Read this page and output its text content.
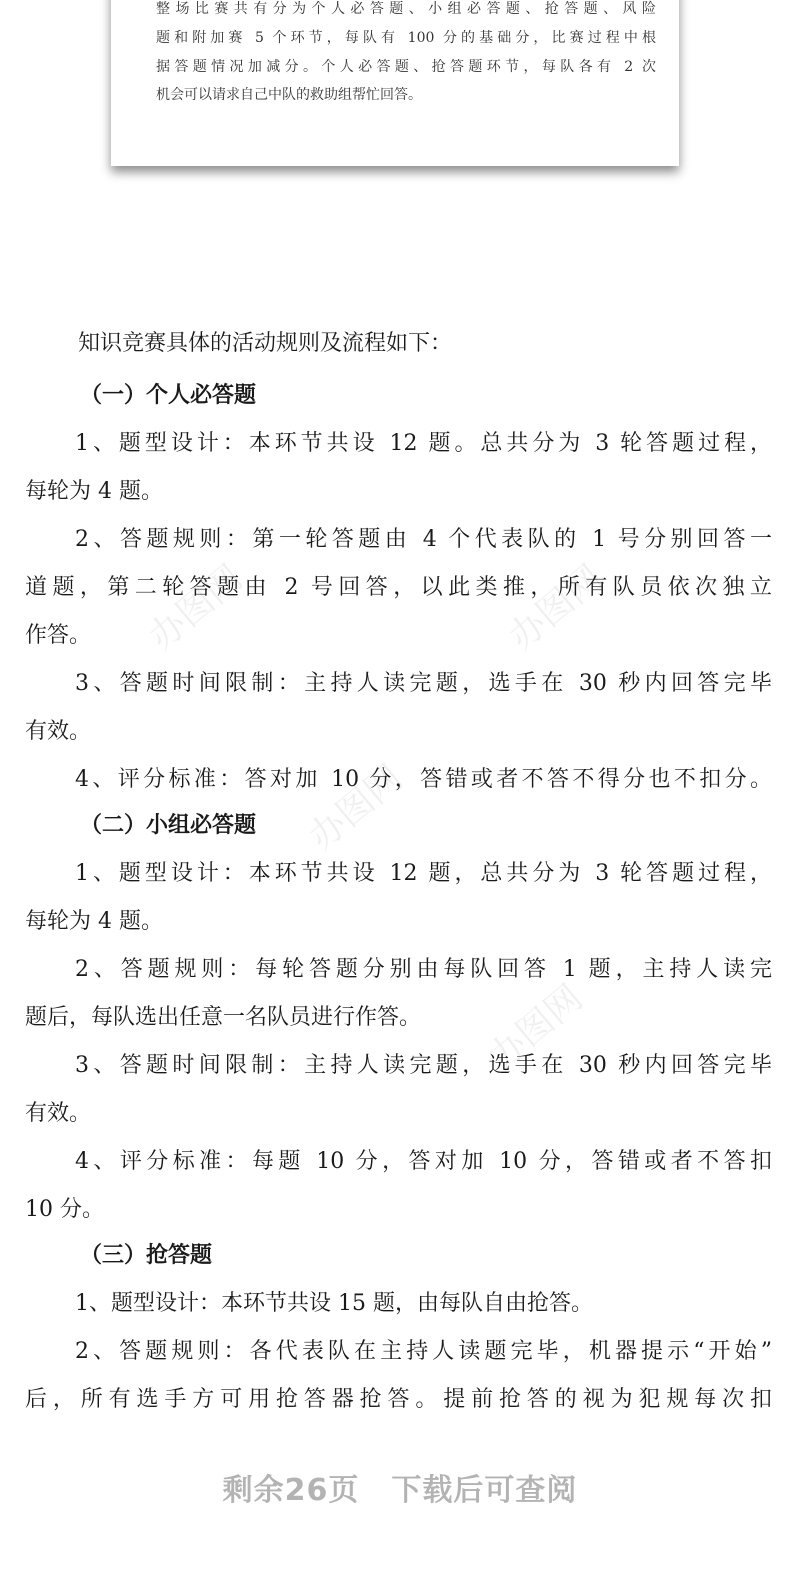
整场比赛共有分为个人必答题、小组必答题、抢答题、风险
题和附加赛 5 个环节，每队有 100 分的基础分，比赛过程中根
据答题情况加减分。个人必答题、抢答题环节，每队各有 2 次
机会可以请求自己中队的救助组帮忙回答。
办图网	办图网
办图网
办图网
知识竞赛具体的活动规则及流程如下：
（一）个人必答题
1、题型设计：本环节共设 12 题。总共分为 3 轮答题过程，
每轮为 4 题。
2、答题规则：第一轮答题由 4 个代表队的 1 号分别回答一
道题，第二轮答题由 2 号回答，以此类推，所有队员依次独立
作答。
3、答题时间限制：主持人读完题，选手在 30 秒内回答完毕
有效。
4、评分标准：答对加 10 分，答错或者不答不得分也不扣分。
（二）小组必答题
1、题型设计：本环节共设 12 题，总共分为 3 轮答题过程，
每轮为 4 题。
2、答题规则：每轮答题分别由每队回答 1 题，主持人读完
题后，每队选出任意一名队员进行作答。
3、答题时间限制：主持人读完题，选手在 30 秒内回答完毕
有效。
4、评分标准：每题 10 分，答对加 10 分，答错或者不答扣
10 分。
（三）抢答题
1、题型设计：本环节共设 15 题，由每队自由抢答。
2、答题规则：各代表队在主持人读题完毕，机器提示“开始”
后，所有选手方可用抢答器抢答。提前抢答的视为犯规每次扣
剩余26页 下载后可查阅
